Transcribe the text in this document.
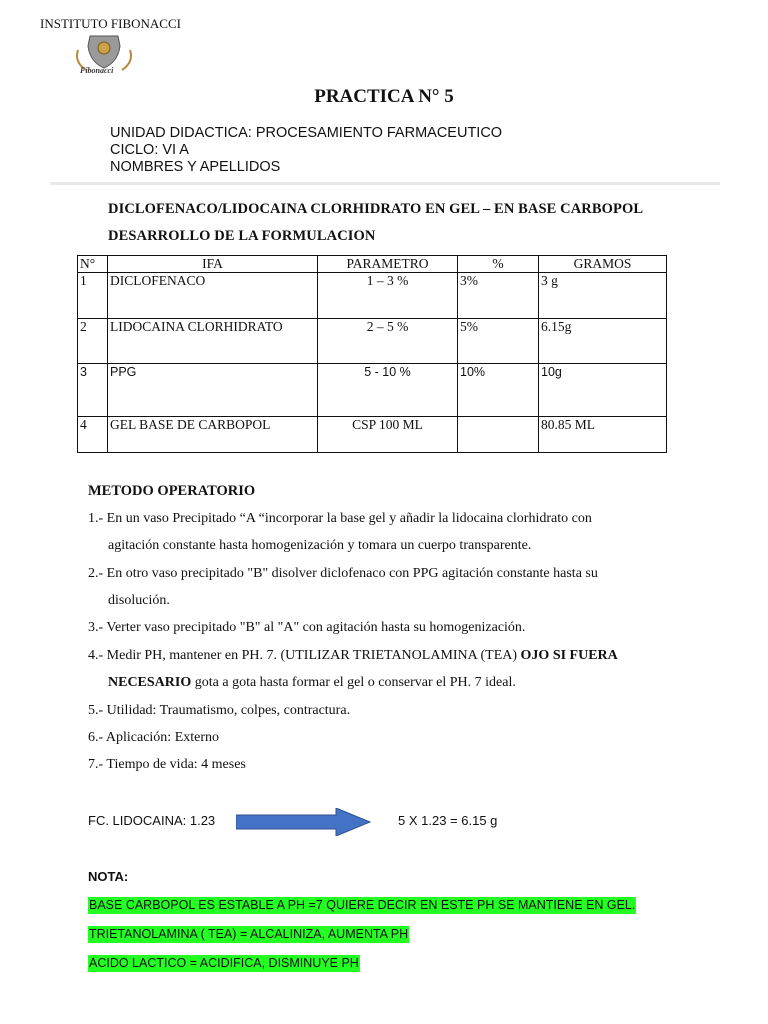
INSTITUTO FIBONACCI
Fibonacci
PRACTICA N° 5
UNIDAD DIDACTICA: PROCESAMIENTO FARMACEUTICO
CICLO: VI A
NOMBRES Y APELLIDOS
DICLOFENACO/LIDOCAINA CLORHIDRATO EN GEL – EN BASE CARBOPOL
DESARROLLO DE LA FORMULACION
N°	IFA	PARAMETRO	%	GRAMOS
1	DICLOFENACO	1 – 3 %	3%	3 g
2	LIDOCAINA CLORHIDRATO	2 – 5 %	5%	6.15g
3	PPG	5 - 10 %	10%	10g
4	GEL BASE DE CARBOPOL	CSP 100 ML		80.85 ML
METODO OPERATORIO
1.- En un vaso Precipitado “A “incorporar la base gel y añadir la lidocaina clorhidrato con
agitación constante hasta homogenización y tomara un cuerpo transparente.
2.- En otro vaso precipitado "B" disolver diclofenaco con PPG agitación constante hasta su
disolución.
3.- Verter vaso precipitado "B" al "A" con agitación hasta su homogenización.
4.- Medir PH, mantener en PH. 7. (UTILIZAR TRIETANOLAMINA (TEA) OJO SI FUERA
NECESARIO gota a gota hasta formar el gel o conservar el PH. 7 ideal.
5.- Utilidad: Traumatismo, colpes, contractura.
6.- Aplicación: Externo
7.- Tiempo de vida: 4 meses
FC. LIDOCAINA: 1.23	5 X 1.23 = 6.15 g
NOTA:
BASE CARBOPOL ES ESTABLE A PH =7 QUIERE DECIR EN ESTE PH SE MANTIENE EN GEL.
TRIETANOLAMINA ( TEA) = ALCALINIZA, AUMENTA PH
ACIDO LACTICO = ACIDIFICA, DISMINUYE PH
